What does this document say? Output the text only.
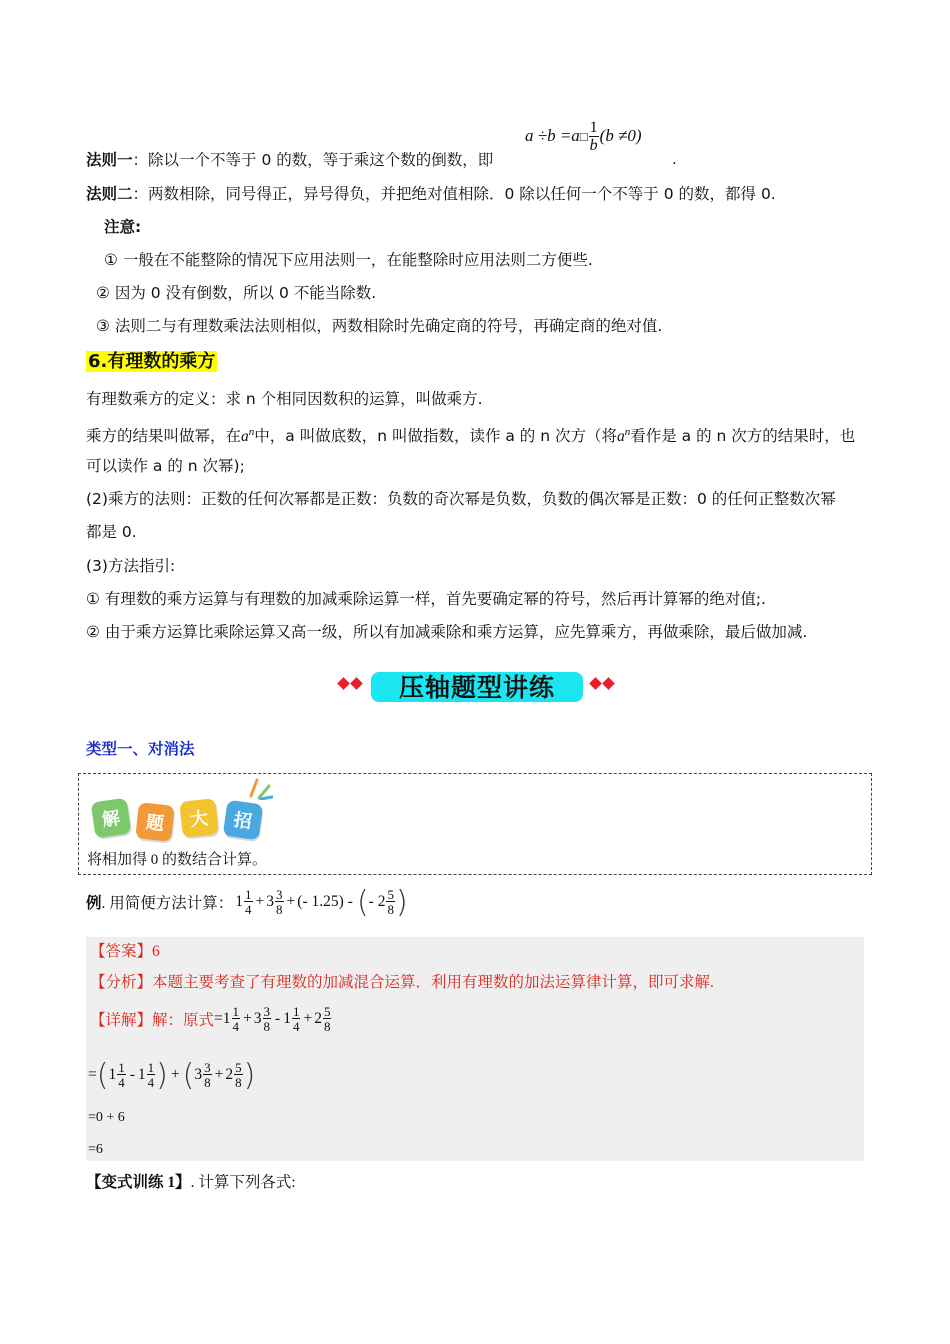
法则一：除以一个不等于 0 的数，等于乘这个数的倒数，即
a ÷b =a□ $\frac{1}{b} (b \ne 0)$
.
法则二：两数相除，同号得正，异号得负，并把绝对值相除．0 除以任何一个不等于 0 的数，都得 0.
注意:
① 一般在不能整除的情况下应用法则一，在能整除时应用法则二方便些.
② 因为 0 没有倒数，所以 0 不能当除数.
③ 法则二与有理数乘法法则相似，两数相除时先确定商的符号，再确定商的绝对值.
6.有理数的乘方
有理数乘方的定义：求 n 个相同因数积的运算，叫做乘方.
乘方的结果叫做幂，在$a^n$中，a 叫做底数，n 叫做指数，读作 a 的 n 次方（将$a^n$看作是 a 的 n 次方的结果时，也
可以读作 a 的 n 次幂);
(2)乘方的法则：正数的任何次幂都是正数：负数的奇次幂是负数，负数的偶次幂是正数：0 的任何正整数次幂
都是 0.
(3)方法指引:
① 有理数的乘方运算与有理数的加减乘除运算一样，首先要确定幂的符号，然后再计算幂的绝对值;.
② 由于乘方运算比乘除运算又高一级，所以有加减乘除和乘方运算，应先算乘方，再做乘除，最后做加减.
压轴题型讲练
类型一、对消法
解	题	大	招
将相加得 0 的数结合计算。
例 . 用简便方法计算： $1 \frac{1}{4} + 3 \frac{3}{8}$ + (- 1.25) - ( - $2 \frac{5}{8}$ )
【答案】6
【分析】本题主要考查了有理数的加减混合运算．利用有理数的加法运算律计算，即可求解.
【详解】 解：原式 $=1 \frac{1}{4} + 3 \frac{3}{8} - 1 \frac{1}{4} + 2 \frac{5}{8}$
= ( $1 \frac{1}{4} - 1 \frac{1}{4}$ ) + ( $3 \frac{3}{8} + 2 \frac{5}{8}$ )
=0 + 6
=6
【变式训练 1】. 计算下列各式:
